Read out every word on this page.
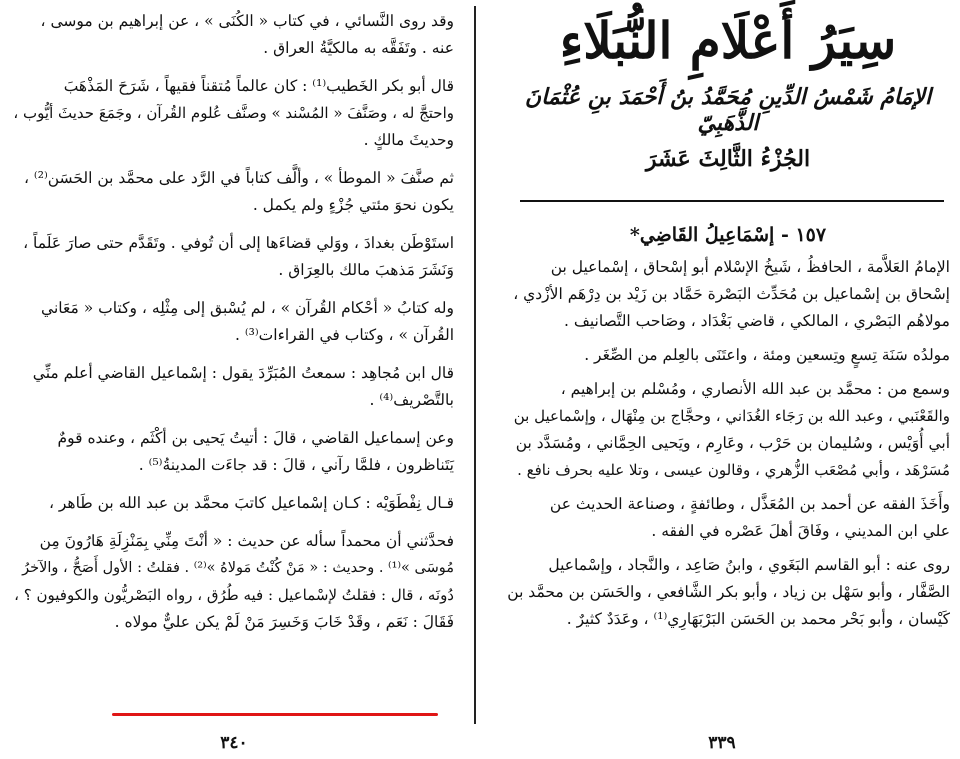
وقد روى النَّسائي ، في كتاب « الكُنَى » ، عن إبراهيم بن موسى ،
عنه . وتَفَقَّه به مالكيَّةُ العراق .
قال أبو بكر الخَطيب⁽¹⁾ : كان عالماً مُتقناً فقيهاً ، شَرَحَ المَذْهَبَ
واحتجَّ له ، وصَنَّفَ « المُسْند » وصنَّف عُلوم القُرآن ، وجَمَعَ حديثَ أيُّوب ،
وحديثَ مالكٍ .
ثم صنَّفَ « الموطأ » ، وألَّف كتاباً في الرَّد على محمَّد بن الحَسَن⁽²⁾ ،
يكون نحوَ مئتي جُزْءٍ ولم يكمل .
استَوْطَن بغدادَ ، ووَلي قضاءَها إلى أن تُوفي . وتَقَدَّم حتى صارَ عَلَماً ،
وَنَشَرَ مَذهبَ مالك بالعِرَاق .
وله كتابُ « أحْكام القُرآن » ، لم يُسْبق إلى مِثْلِه ، وكتاب « مَعَاني
القُرآن » ، وكتاب في القراءات⁽³⁾ .
قال ابن مُجاهِد : سمعتُ المُبَرِّدَ يقول : إسْماعيل القاضي أعلم منِّي
بالتَّصْريف⁽⁴⁾ .
وعن إسماعيل القاضي ، قالَ : أتيتُ يَحيى بن أكْثَم ، وعنده قومٌ
يَتَناظرون ، فلمَّا رآني ، قالَ : قد جاءَت المدينةُ⁽⁵⁾ .
قـال نِفْطَوَيْه : كـان إسْماعيل كاتبَ محمَّد بن عبد الله بن طَاهر ،
فحدَّثني أن محمداً سأله عن حديث : « أنْتَ مِنِّي بِمَنْزِلَةِ هَارُونَ مِن
مُوسَى »⁽¹⁾ . وحديث : « مَنْ كُنْتُ مَولاهُ »⁽²⁾ . فقلتُ : الأول أَصَحُّ ، والآخرُ
دُونَه ، قال : فقلتُ لإسْماعيل : فيه طُرُق ، رواه البَصْريُّون والكوفيون ؟ ،
فَقَالَ : نَعَم ، وقَدْ خَابَ وَخَسِرَ مَنْ لَمْ يكن عليٌّ مولاه .
٣٤٠
سِيَرُ أَعْلَامِ النُّبَلَاءِ
الإمَامُ شَمْسُ الدِّينِ مُحَمَّدُ بنُ أَحْمَدَ بنِ عُثْمَانَ الذَّهَبِيّ
الجُزْءُ الثَّالِثَ عَشَرَ
١٥٧ - إسْمَاعِيلُ القَاضِي*
الإمامُ العَلاَّمة ، الحافظُ ، شَيخُ الإسْلام أبو إسْحاق ، إسْماعيل بن
إسْحاق بن إسْماعيل بن مُحَدِّث البَصْرة حَمَّاد بن زَيْد بن دِرْهَم الأزْدي ،
مولاهُم البَصْري ، المالكي ، قاضي بَغْدَاد ، وصَاحب التَّصانيف .
مولدُه سَنَة تِسعٍ وتِسعين ومئة ، واعتَنَى بالعِلم من الصِّغَر .
وسمع من : محمَّد بن عبد الله الأنصاري ، ومُسْلم بن إبراهيم ،
والقَعْنَبي ، وعبد الله بن رَجَاء الغُدَاني ، وحجَّاج بن مِنْهَال ، وإسْماعيل بن
أبي أُوَيْس ، وسُليمان بن حَرْب ، وعَارِم ، ويَحيى الحِمَّاني ، ومُسَدَّد بن
مُسَرْهَد ، وأبي مُصْعَب الزُّهري ، وقالون عيسى ، وتلا عليه بحرف نافع .
وأَخَذَ الفقه عن أحمد بن المُعَذَّل ، وطائفةٍ ، وصناعة الحديث عن
علي ابن المديني ، وفَاقَ أهلَ عَصْره في الفقه .
روى عنه : أبو القاسم البَغَوي ، وابنُ صَاعِد ، والنَّجاد ، وإسْماعيل
الصَّفَّار ، وأبو سَهْل بن زياد ، وأبو بكر الشَّافعي ، والحَسَن بن محمَّد بن
كَيْسان ، وأبو بَحْر محمد بن الحَسَن البَرْبَهَارِي⁽¹⁾ ، وعَدَدٌ كثيرٌ .
٣٣٩
